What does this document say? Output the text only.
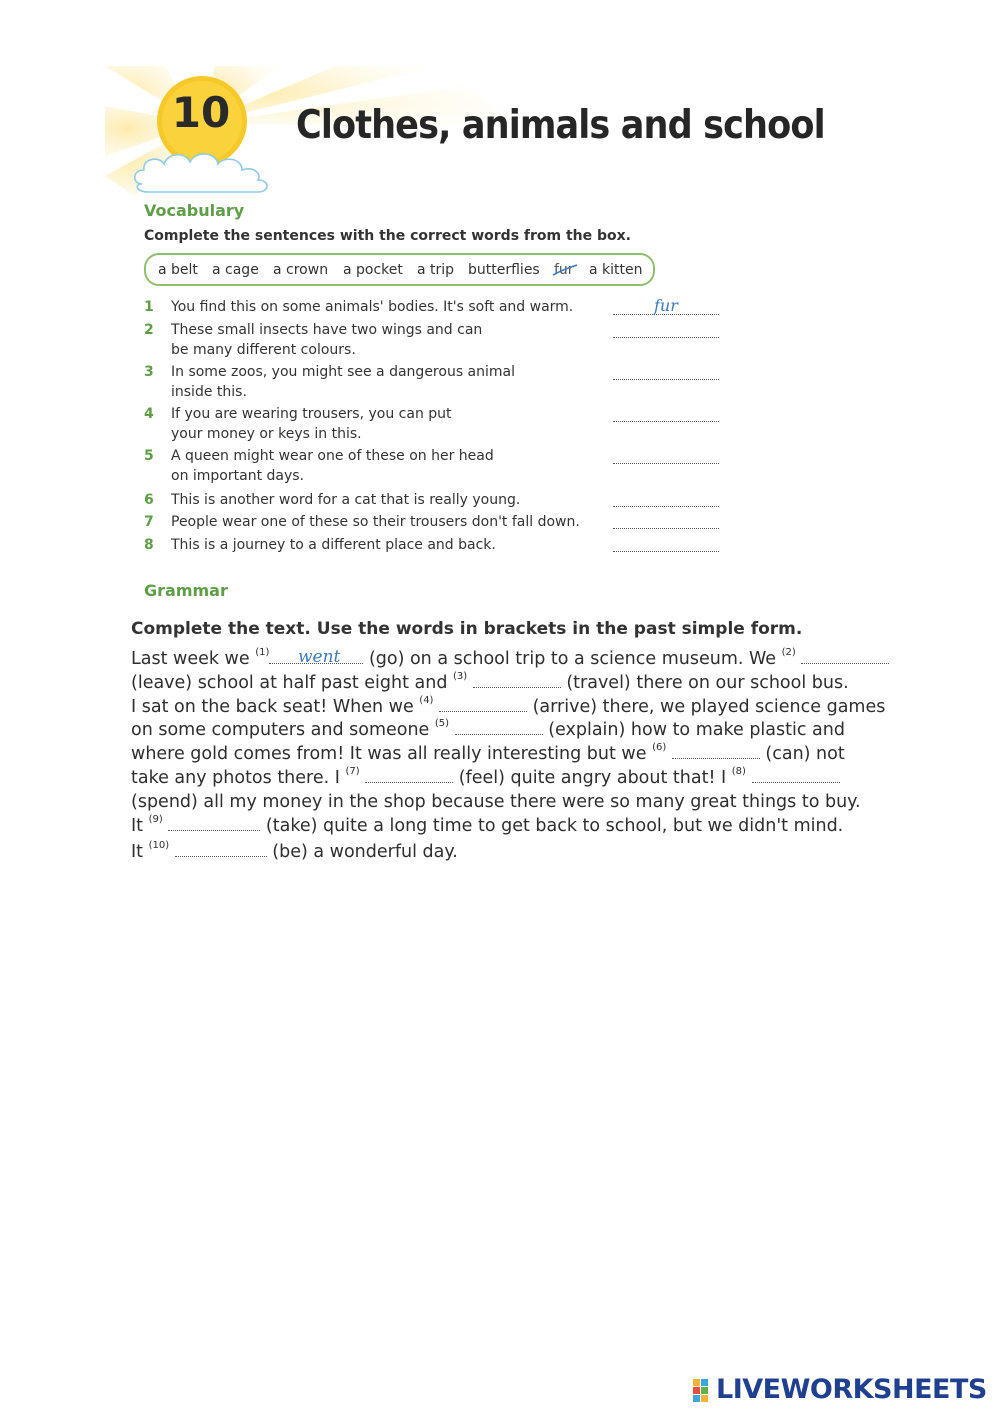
10	Clothes, animals and school
Vocabulary
Complete the sentences with the correct words from the box.
a belt a cage a crown a pocket a trip butterflies fur a kitten
1 You find this on some animals' bodies. It's soft and warm.	fur
2 These small insects have two wings and can
be many different colours.
3 In some zoos, you might see a dangerous animal
inside this.
4 If you are wearing trousers, you can put
your money or keys in this.
5 A queen might wear one of these on her head
on important days.
6 This is another word for a cat that is really young.
7 People wear one of these so their trousers don't fall down.
8 This is a journey to a different place and back.
Grammar
Complete the text. Use the words in brackets in the past simple form.
Last week we $^{(1)}$	(go) on a school trip to a science museum. We $^{(2)}$
went
(leave) school at half past eight and $^{(3)}$	(travel) there on our school bus.
I sat on the back seat! When we $^{(4)}$	(arrive) there, we played science games
on some computers and someone $^{(5)}$	(explain) how to make plastic and
where gold comes from! It was all really interesting but we $^{(6)}$	(can) not
take any photos there. I $^{(7)}$	(feel) quite angry about that! I $^{(8)}$
(spend) all my money in the shop because there were so many great things to buy.
It $^{(9)}$	(take) quite a long time to get back to school, but we didn't mind.
It $^{(10)}$	(be) a wonderful day.
LIVEWORKSHEETS
